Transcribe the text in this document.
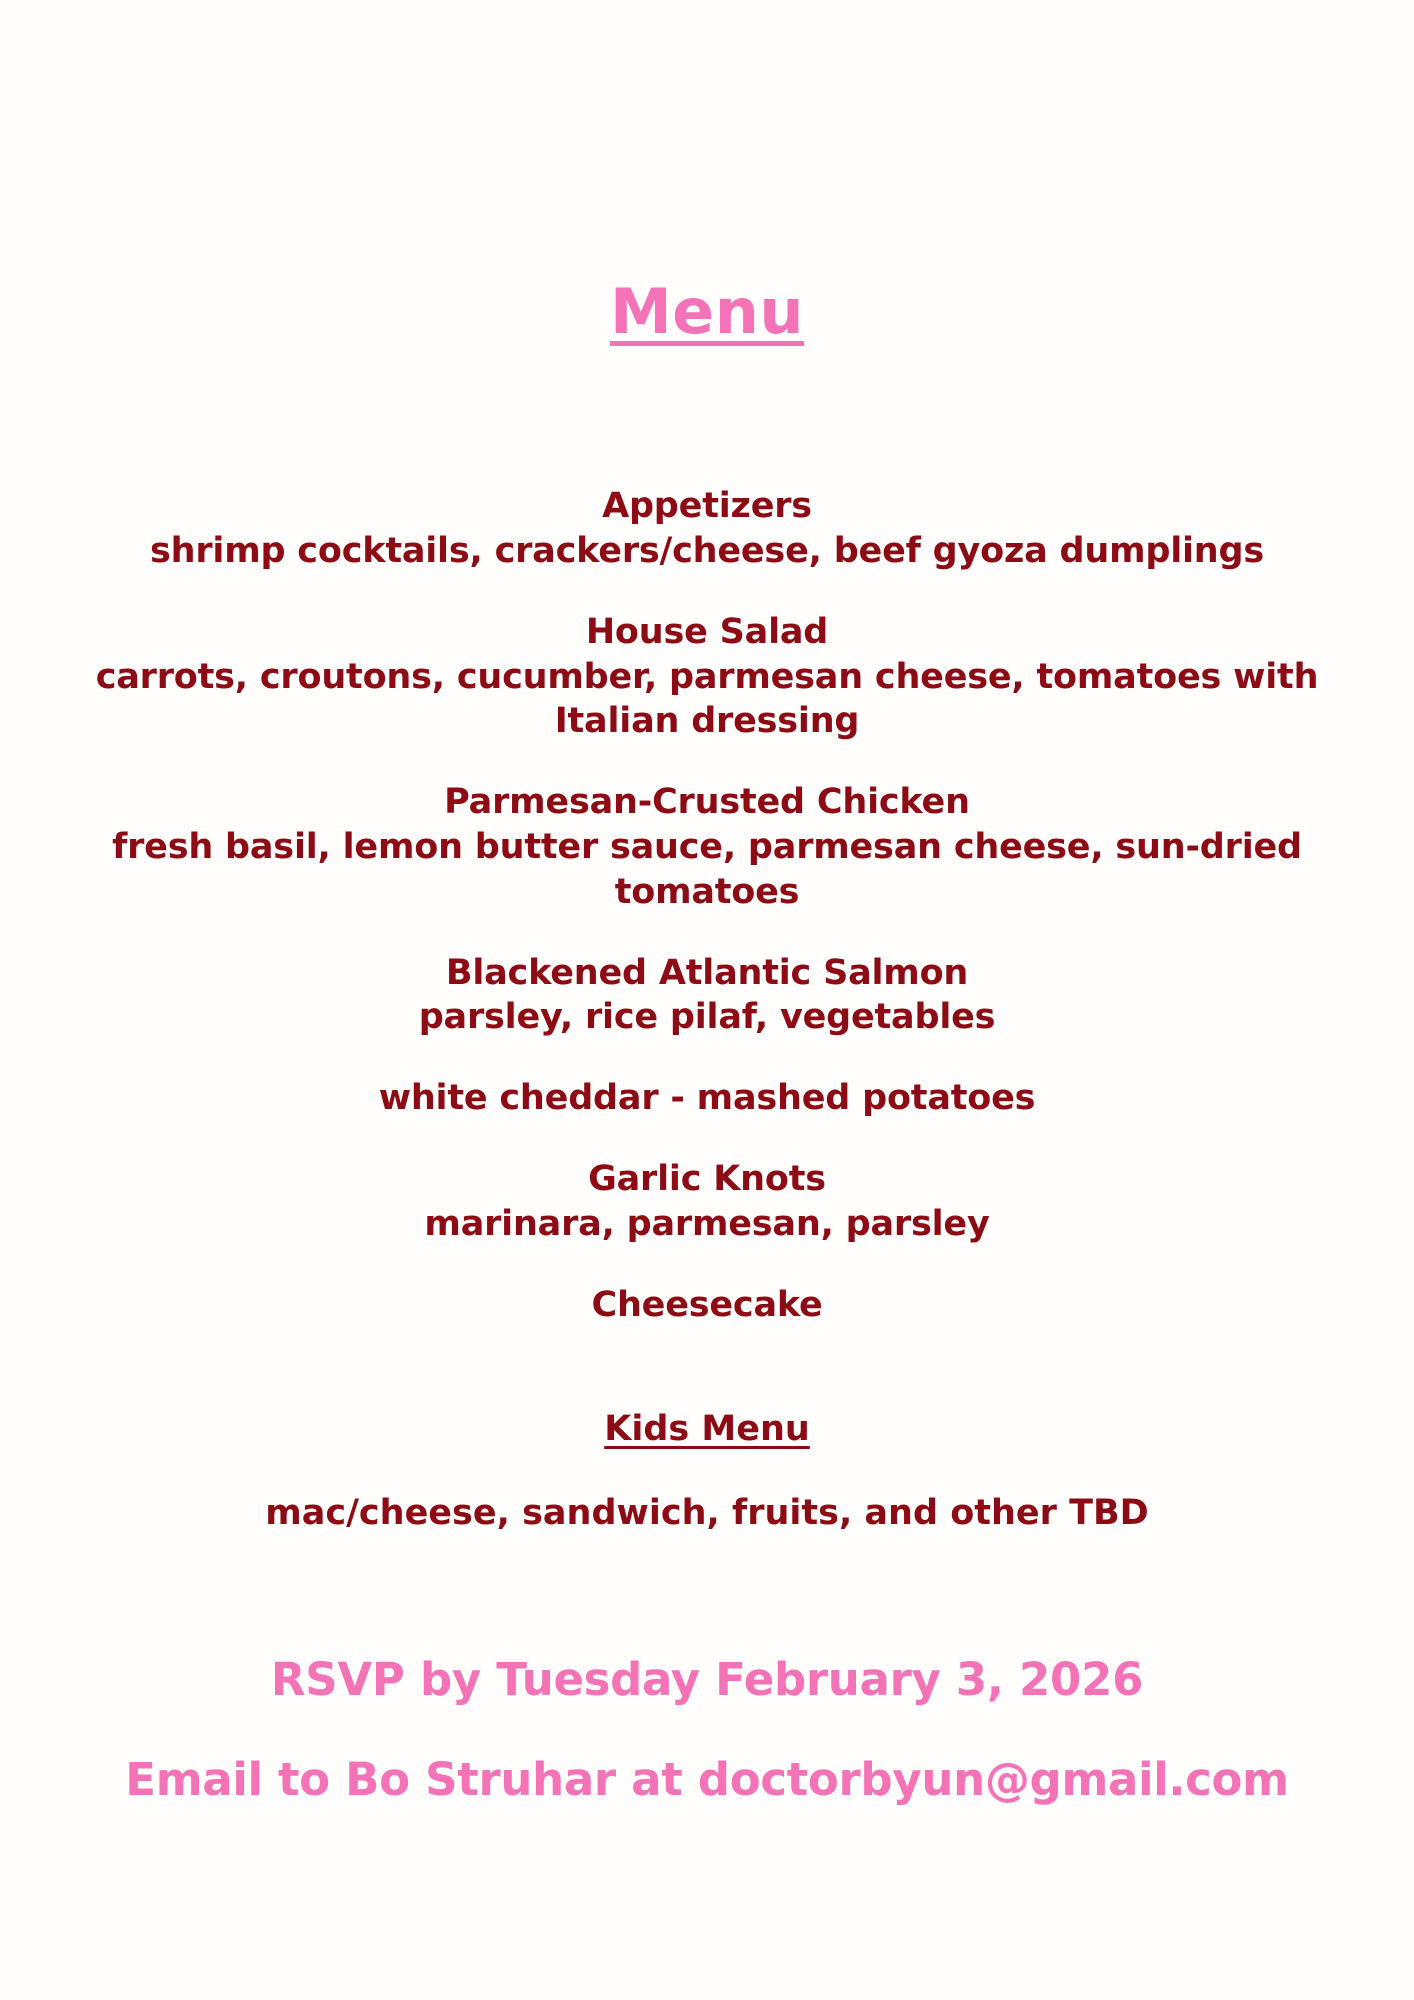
Menu
Appetizers
shrimp cocktails, crackers/cheese, beef gyoza dumplings
House Salad
carrots, croutons, cucumber, parmesan cheese, tomatoes with Italian dressing
Parmesan-Crusted Chicken
fresh basil, lemon butter sauce, parmesan cheese, sun-dried tomatoes
Blackened Atlantic Salmon
parsley, rice pilaf, vegetables
white cheddar - mashed potatoes
Garlic Knots
marinara, parmesan, parsley
Cheesecake
Kids Menu
mac/cheese, sandwich, fruits, and other TBD
RSVP by Tuesday February 3, 2026
Email to Bo Struhar at doctorbyun@gmail.com
